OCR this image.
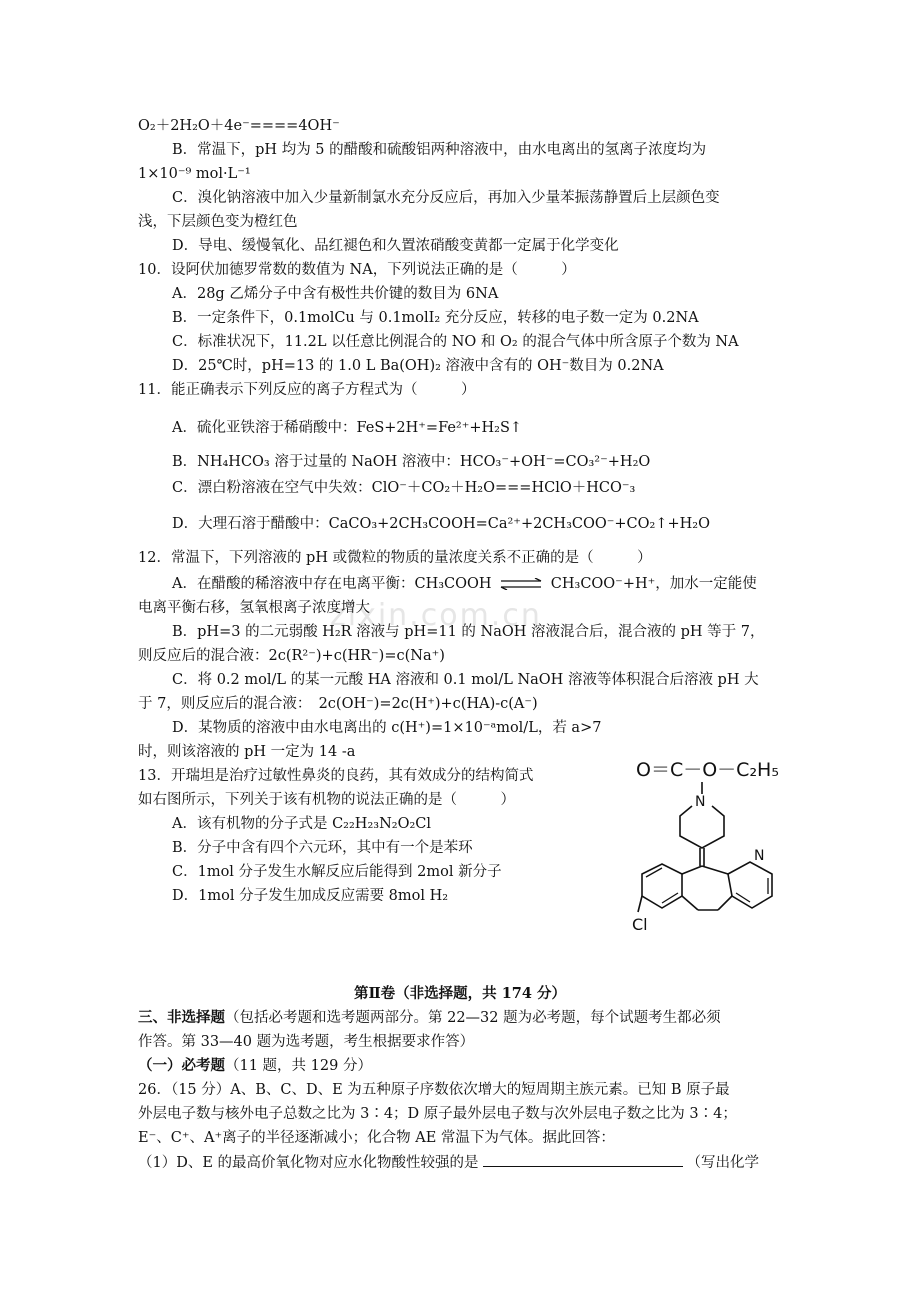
zixin.com.cn
O₂＋2H₂O＋4e⁻====4OH⁻
B．常温下，pH 均为 5 的醋酸和硫酸铝两种溶液中，由水电离出的氢离子浓度均为
1×10⁻⁹ mol·L⁻¹
C．溴化钠溶液中加入少量新制氯水充分反应后，再加入少量苯振荡静置后上层颜色变
浅，下层颜色变为橙红色
D．导电、缓慢氧化、品红褪色和久置浓硝酸变黄都一定属于化学变化
10．设阿伏加德罗常数的数值为 NA，下列说法正确的是（　　　）
A．28g 乙烯分子中含有极性共价键的数目为 6NA
B．一定条件下，0.1molCu 与 0.1molI₂ 充分反应，转移的电子数一定为 0.2NA
C．标准状况下，11.2L 以任意比例混合的 NO 和 O₂ 的混合气体中所含原子个数为 NA
D．25℃时，pH=13 的 1.0 L Ba(OH)₂ 溶液中含有的 OH⁻数目为 0.2NA
11．能正确表示下列反应的离子方程式为（　　　）
A．硫化亚铁溶于稀硝酸中：FeS+2H⁺=Fe²⁺+H₂S↑
B．NH₄HCO₃ 溶于过量的 NaOH 溶液中：HCO₃⁻+OH⁻=CO₃²⁻+H₂O
C．漂白粉溶液在空气中失效：ClO⁻＋CO₂＋H₂O===HClO＋HCO⁻₃
D．大理石溶于醋酸中：CaCO₃+2CH₃COOH=Ca²⁺+2CH₃COO⁻+CO₂↑+H₂O
12．常温下，下列溶液的 pH 或微粒的物质的量浓度关系不正确的是（　　　）
A．在醋酸的稀溶液中存在电离平衡：CH₃COOH ⇌ CH₃COO⁻+H⁺，加水一定能使
电离平衡右移，氢氧根离子浓度增大
B．pH=3 的二元弱酸 H₂R 溶液与 pH=11 的 NaOH 溶液混合后，混合液的 pH 等于 7，
则反应后的混合液：2c(R²⁻)+c(HR⁻)=c(Na⁺)
C．将 0.2 mol/L 的某一元酸 HA 溶液和 0.1 mol/L NaOH 溶液等体积混合后溶液 pH 大
于 7，则反应后的混合液：　2c(OH⁻)=2c(H⁺)+c(HA)-c(A⁻)
D．某物质的溶液中由水电离出的 c(H⁺)=1×10⁻ᵃmol/L，若 a>7
时，则该溶液的 pH 一定为 14 -a
13．开瑞坦是治疗过敏性鼻炎的良药，其有效成分的结构简式
如右图所示，下列关于该有机物的说法正确的是（　　　）
A．该有机物的分子式是 C₂₂H₂₃N₂O₂Cl
B．分子中含有四个六元环，其中有一个是苯环
C．1mol 分子发生水解反应后能得到 2mol 新分子
D．1mol 分子发生加成反应需要 8mol H₂
O＝C－O－C₂H₅
N
N
Cl
第Ⅱ卷（非选择题，共 174 分）
三、非选择题（包括必考题和选考题两部分。第 22—32 题为必考题，每个试题考生都必须
作答。第 33—40 题为选考题，考生根据要求作答）
（一）必考题（11 题，共 129 分）
26．（15 分）A、B、C、D、E 为五种原子序数依次增大的短周期主族元素。已知 B 原子最
外层电子数与核外电子总数之比为 3∶4；D 原子最外层电子数与次外层电子数之比为 3∶4；
E⁻、C⁺、A⁺离子的半径逐渐减小；化合物 AE 常温下为气体。据此回答：
（1）D、E 的最高价氧化物对应水化物酸性较强的是	（写出化学
